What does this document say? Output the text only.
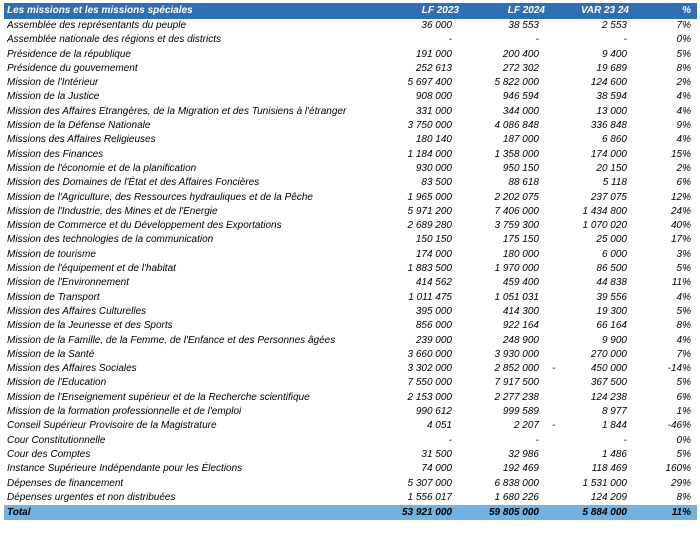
Les missions et les missions spéciales	LF 2023	LF 2024	VAR 23 24	%
Assemblée des représentants du peuple	36 000	38 553	2 553	7%
Assemblée nationale des régions et des districts	-	-	-	0%
Présidence de la république	191 000	200 400	9 400	5%
Présidence du gouvernement	252 613	272 302	19 689	8%
Mission de l'Intérieur	5 697 400	5 822 000	124 600	2%
Mission de la Justice	908 000	946 594	38 594	4%
Mission des Affaires Etrangères, de la Migration et des Tunisiens à l'étranger	331 000	344 000	13 000	4%
Mission de la Défense Nationale	3 750 000	4 086 848	336 848	9%
Missions des Affaires Religieuses	180 140	187 000	6 860	4%
Mission des Finances	1 184 000	1 358 000	174 000	15%
Mission de l'économie et de la planification	930 000	950 150	20 150	2%
Mission des Domaines de l'État et des Affaires Foncières	83 500	88 618	5 118	6%
Mission de l'Agriculture, des Ressources hydrauliques et de la Pêche	1 965 000	2 202 075	237 075	12%
Mission de l'Industrie, des Mines et de l'Energie	5 971 200	7 406 000	1 434 800	24%
Mission de Commerce et du Développement des Exportations	2 689 280	3 759 300	1 070 020	40%
Mission des technologies de la communication	150 150	175 150	25 000	17%
Mission de tourisme	174 000	180 000	6 000	3%
Mission de l'équipement et de l'habitat	1 883 500	1 970 000	86 500	5%
Mission de l'Environnement	414 562	459 400	44 838	11%
Mission de Transport	1 011 475	1 051 031	39 556	4%
Mission des Affaires Culturelles	395 000	414 300	19 300	5%
Mission de la Jeunesse et des Sports	856 000	922 164	66 164	8%
Mission de la Famille, de la Femme, de l'Enfance et des Personnes âgées	239 000	248 900	9 900	4%
Mission de la Santé	3 660 000	3 930 000	270 000	7%
Mission des Affaires Sociales	3 302 000	2 852 000 -	450 000	-14%
Mission de l'Education	7 550 000	7 917 500	367 500	5%
Mission de l'Enseignement supérieur et de la Recherche scientifique	2 153 000	2 277 238	124 238	6%
Mission de la formation professionnelle et de l'emploi	990 612	999 589	8 977	1%
Conseil Supérieur Provisoire de la Magistrature	4 051	2 207 -	1 844	-46%
Cour Constitutionnelle	-	-	-	0%
Cour des Comptes	31 500	32 986	1 486	5%
Instance Supérieure Indépendante pour les Élections	74 000	192 469	118 469	160%
Dépenses de financement	5 307 000	6 838 000	1 531 000	29%
Dépenses urgentes et non distribuées	1 556 017	1 680 226	124 209	8%
Total	53 921 000	59 805 000	5 884 000	11%
